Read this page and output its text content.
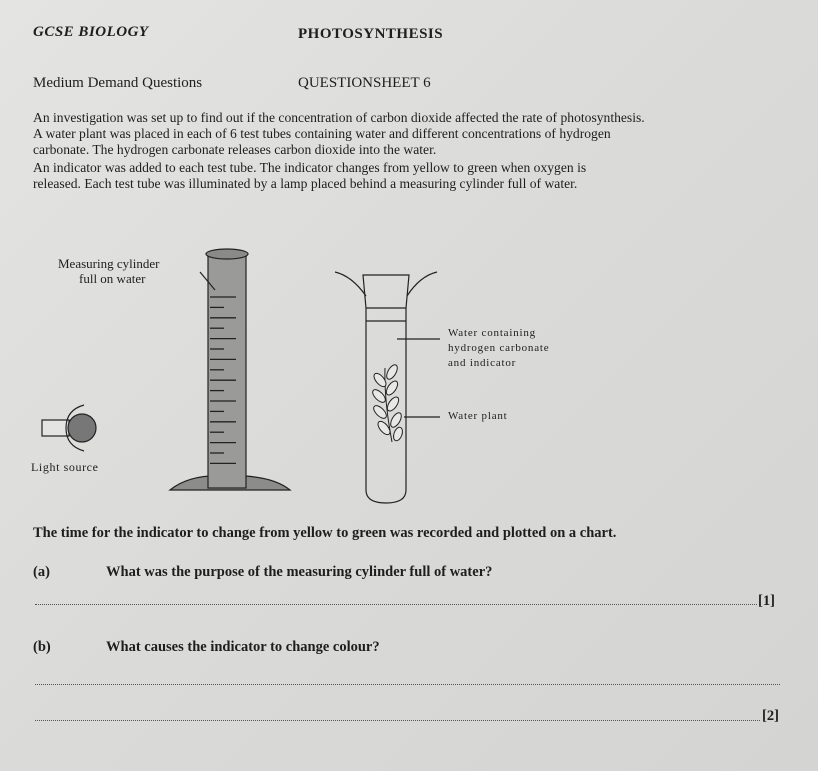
GCSE BIOLOGY	PHOTOSYNTHESIS
Medium Demand Questions	QUESTIONSHEET 6
An investigation was set up to find out if the concentration of carbon dioxide affected the rate of photosynthesis.
A water plant was placed in each of 6 test tubes containing water and different concentrations of hydrogen
carbonate. The hydrogen carbonate releases carbon dioxide into the water.
An indicator was added to each test tube. The indicator changes from yellow to green when oxygen is
released. Each test tube was illuminated by a lamp placed behind a measuring cylinder full of water.
Measuring cylinder
full on water
Light source
Water containing
hydrogen carbonate
and indicator
Water plant
The time for the indicator to change from yellow to green was recorded and plotted on a chart.
(a)	What was the purpose of the measuring cylinder full of water?
[1]
(b)	What causes the indicator to change colour?
[2]
